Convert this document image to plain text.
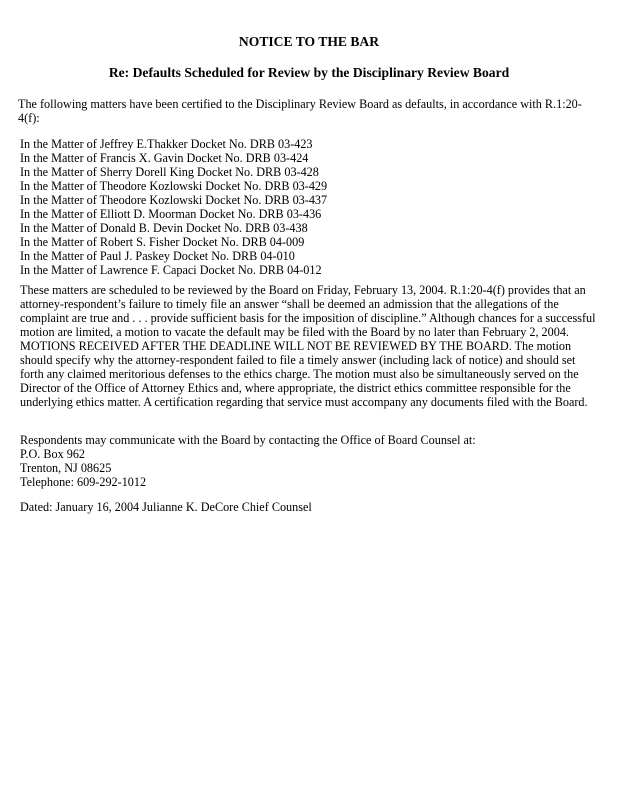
NOTICE TO THE BAR
Re: Defaults Scheduled for Review by the Disciplinary Review Board

The following matters have been certified to the Disciplinary Review Board as defaults, in accordance with R.1:20-4(f):

In the Matter of Jeffrey E.Thakker Docket No. DRB 03-423
In the Matter of Francis X. Gavin Docket No. DRB 03-424
In the Matter of Sherry Dorell King Docket No. DRB 03-428
In the Matter of Theodore Kozlowski Docket No. DRB 03-429
In the Matter of Theodore Kozlowski Docket No. DRB 03-437
In the Matter of Elliott D. Moorman Docket No. DRB 03-436
In the Matter of Donald B. Devin Docket No. DRB 03-438
In the Matter of Robert S. Fisher Docket No. DRB 04-009
In the Matter of Paul J. Paskey Docket No. DRB 04-010
In the Matter of Lawrence F. Capaci Docket No. DRB 04-012

These matters are scheduled to be reviewed by the Board on Friday, February 13, 2004. R.1:20-4(f) provides that an attorney-respondent’s failure to timely file an answer “shall be deemed an admission that the allegations of the complaint are true and . . . provide sufficient basis for the imposition of discipline.” Although chances for a successful motion are limited, a motion to vacate the default may be filed with the Board by no later than February 2, 2004. MOTIONS RECEIVED AFTER THE DEADLINE WILL NOT BE REVIEWED BY THE BOARD. The motion should specify why the attorney-respondent failed to file a timely answer (including lack of notice) and should set forth any claimed meritorious defenses to the ethics charge. The motion must also be simultaneously served on the Director of the Office of Attorney Ethics and, where appropriate, the district ethics committee responsible for the underlying ethics matter. A certification regarding that service must accompany any documents filed with the Board.

Respondents may communicate with the Board by contacting the Office of Board Counsel at:
P.O. Box 962
Trenton, NJ 08625
Telephone: 609-292-1012

Dated: January 16, 2004 Julianne K. DeCore Chief Counsel
